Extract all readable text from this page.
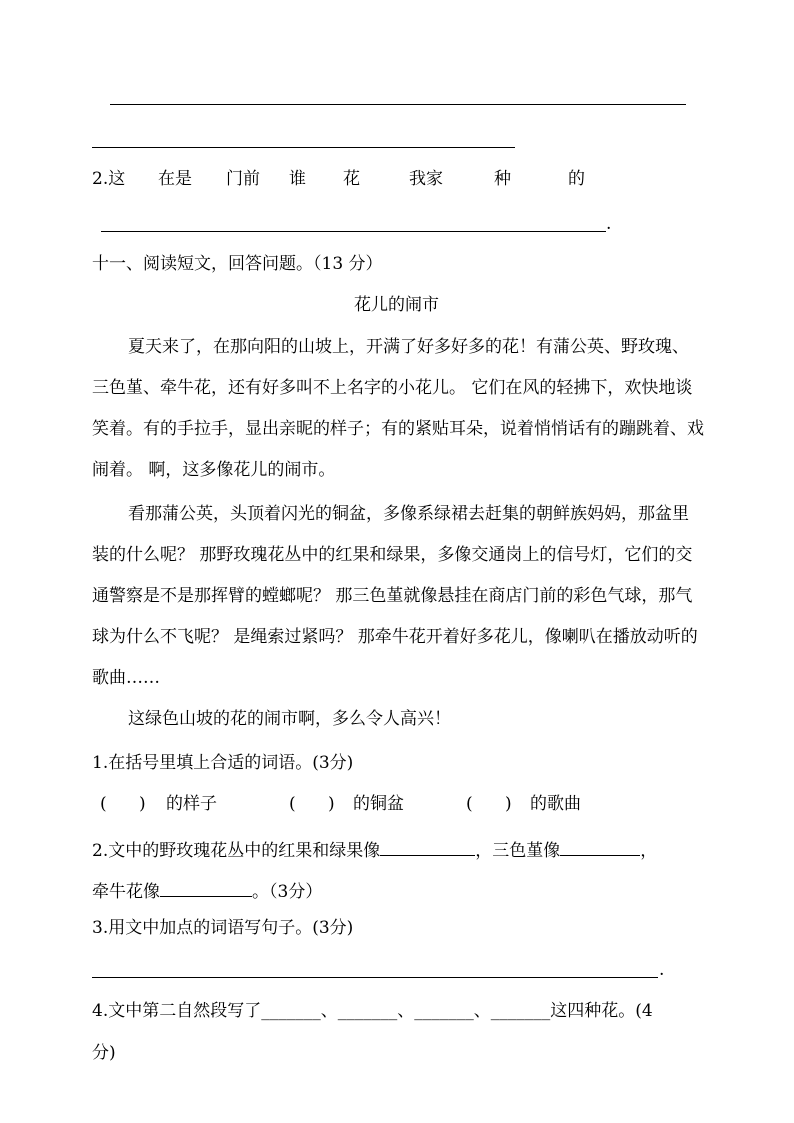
2.这 在是 门前 谁 花	我家	种	的
.
十一、阅读短文，回答问题。（13 分）
花儿的闹市
夏天来了，在那向阳的山坡上，开满了好多好多的花！有蒲公英、野玫瑰、三色堇、牵牛花，还有好多叫不上名字的小花儿。 它们在风的轻拂下，欢快地谈笑着。有的手拉手，显出亲昵的样子；有的紧贴耳朵，说着悄悄话有的蹦跳着、戏闹着。 啊，这多像花儿的闹市。
看那蒲公英，头顶着闪光的铜盆，多像系绿裙去赶集的朝鲜族妈妈，那盆里装的什么呢？ 那野玫瑰花丛中的红果和绿果，多像交通岗上的信号灯，它们的交通警察是不是那挥臂的螳螂呢？ 那三色堇就像悬挂在商店门前的彩色气球，那气球为什么不飞呢？ 是绳索过紧吗？ 那牵牛花开着好多花儿，像喇叭在播放动听的歌曲……
这绿色山坡的花的闹市啊，多么令人高兴！
1.在括号里填上合适的词语。(3分)
(      ) 的样子	(      ) 的铜盆	(      ) 的歌曲
2.文中的野玫瑰花丛中的红果和绿果像	，三色堇像	，
牵牛花像	。（3分）
3.用文中加点的词语写句子。(3分)
.
4.文中第二自然段写了_______、_______、_______、_______这四种花。(4
分)
